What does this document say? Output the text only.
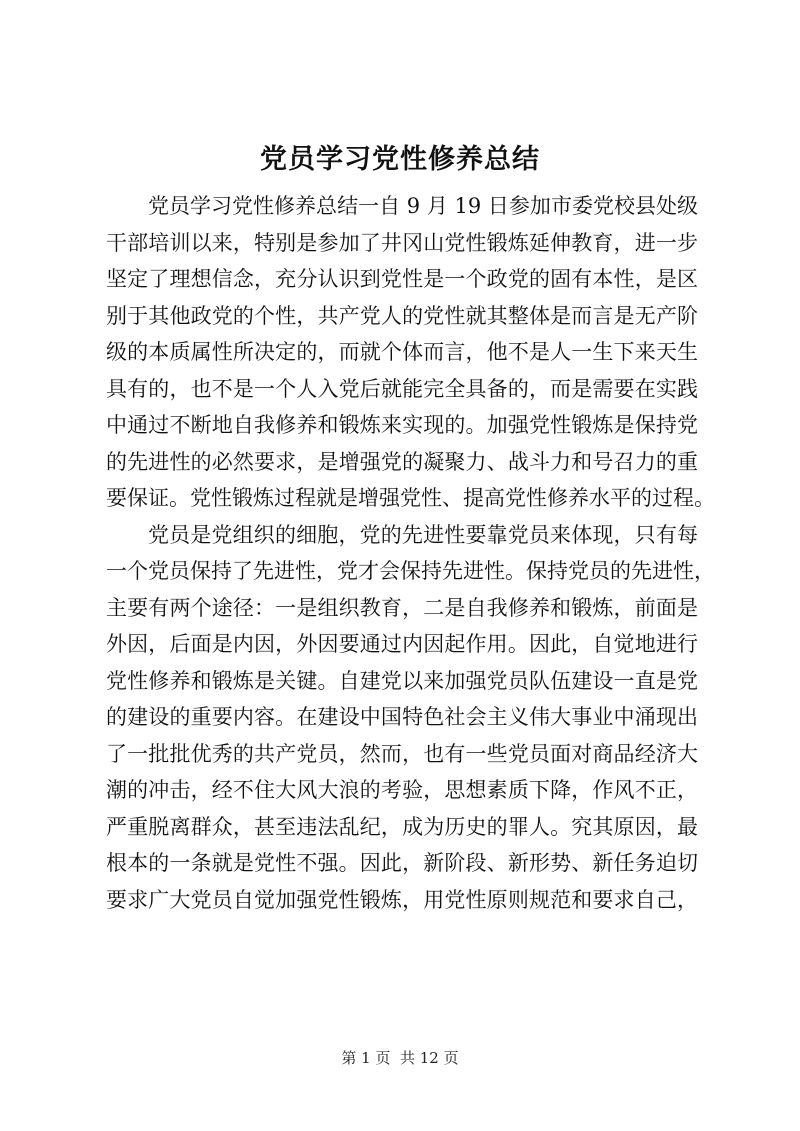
党员学习党性修养总结
党员学习党性修养总结一自 9 月 19 日参加市委党校县处级
干部培训以来，特别是参加了井冈山党性锻炼延伸教育，进一步
坚定了理想信念，充分认识到党性是一个政党的固有本性，是区
别于其他政党的个性，共产党人的党性就其整体是而言是无产阶
级的本质属性所决定的，而就个体而言，他不是人一生下来天生
具有的，也不是一个人入党后就能完全具备的，而是需要在实践
中通过不断地自我修养和锻炼来实现的。加强党性锻炼是保持党
的先进性的必然要求，是增强党的凝聚力、战斗力和号召力的重
要保证。党性锻炼过程就是增强党性、提高党性修养水平的过程。
党员是党组织的细胞，党的先进性要靠党员来体现，只有每
一个党员保持了先进性，党才会保持先进性。保持党员的先进性，
主要有两个途径：一是组织教育，二是自我修养和锻炼，前面是
外因，后面是内因，外因要通过内因起作用。因此，自觉地进行
党性修养和锻炼是关键。自建党以来加强党员队伍建设一直是党
的建设的重要内容。在建设中国特色社会主义伟大事业中涌现出
了一批批优秀的共产党员，然而，也有一些党员面对商品经济大
潮的冲击，经不住大风大浪的考验，思想素质下降，作风不正，
严重脱离群众，甚至违法乱纪，成为历史的罪人。究其原因，最
根本的一条就是党性不强。因此，新阶段、新形势、新任务迫切
要求广大党员自觉加强党性锻炼，用党性原则规范和要求自己，
第 1 页  共 12 页
